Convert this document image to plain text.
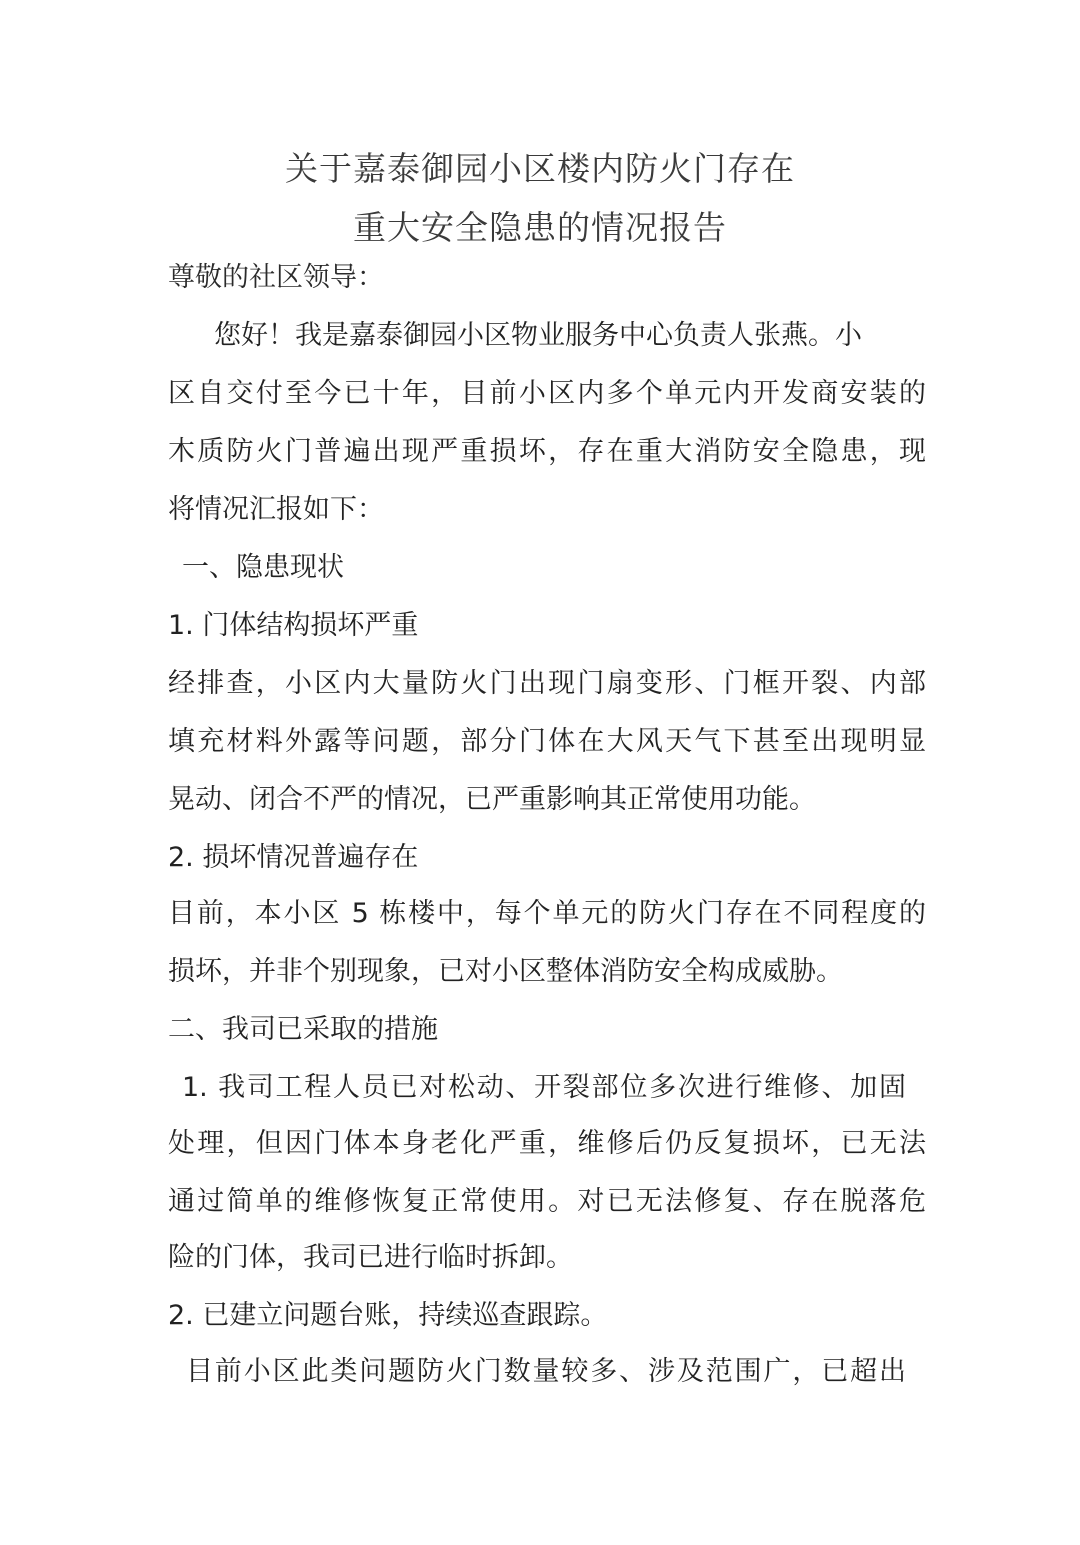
关于嘉泰御园小区楼内防火门存在
重大安全隐患的情况报告
尊敬的社区领导：
您好！我是嘉泰御园小区物业服务中心负责人张燕。小
区自交付至今已十年，目前小区内多个单元内开发商安装的
木质防火门普遍出现严重损坏，存在重大消防安全隐患，现
将情况汇报如下：
一、隐患现状
1. 门体结构损坏严重
经排查，小区内大量防火门出现门扇变形、门框开裂、内部
填充材料外露等问题，部分门体在大风天气下甚至出现明显
晃动、闭合不严的情况，已严重影响其正常使用功能。
2. 损坏情况普遍存在
目前，本小区 5 栋楼中，每个单元的防火门存在不同程度的
损坏，并非个别现象，已对小区整体消防安全构成威胁。
二、我司已采取的措施
1. 我司工程人员已对松动、开裂部位多次进行维修、加固
处理，但因门体本身老化严重，维修后仍反复损坏，已无法
通过简单的维修恢复正常使用。对已无法修复、存在脱落危
险的门体，我司已进行临时拆卸。
2. 已建立问题台账，持续巡查跟踪。
目前小区此类问题防火门数量较多、涉及范围广，已超出
